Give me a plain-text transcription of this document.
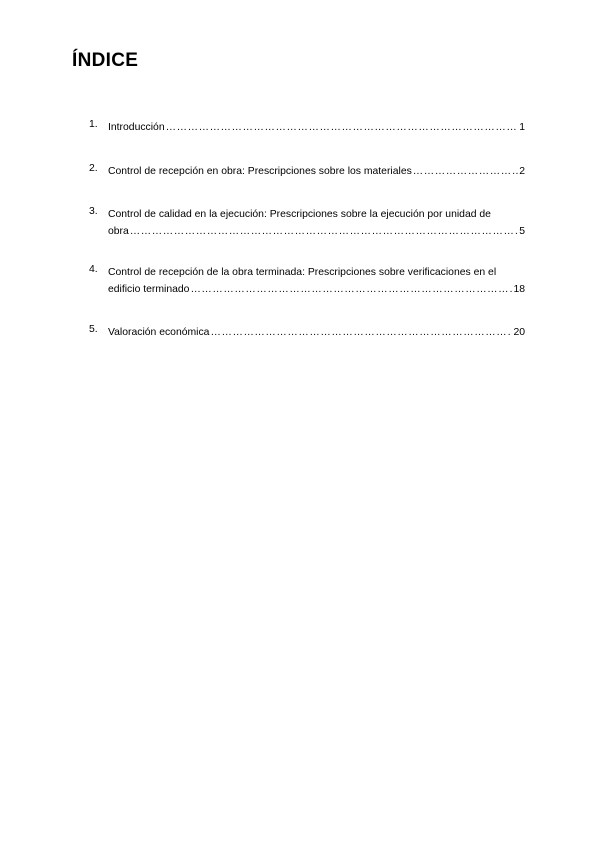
ÍNDICE
1. Introducción …………………………………………………………………………………………………………………………………………………………………………………………………………………………	1
2. Control de recepción en obra: Prescripciones sobre los materiales …………………………………………………………………………………………………………………………………………………………………………………………………………………………	2
3. Control de calidad en la ejecución: Prescripciones sobre la ejecución por unidad de
obra …………………………………………………………………………………………………………………………………………………………………………………………………………………………	5
4. Control de recepción de la obra terminada: Prescripciones sobre verificaciones en el
edificio terminado …………………………………………………………………………………………………………………………………………………………………………………………………………………………	18
5. Valoración económica …………………………………………………………………………………………………………………………………………………………………………………………………………………………	20
